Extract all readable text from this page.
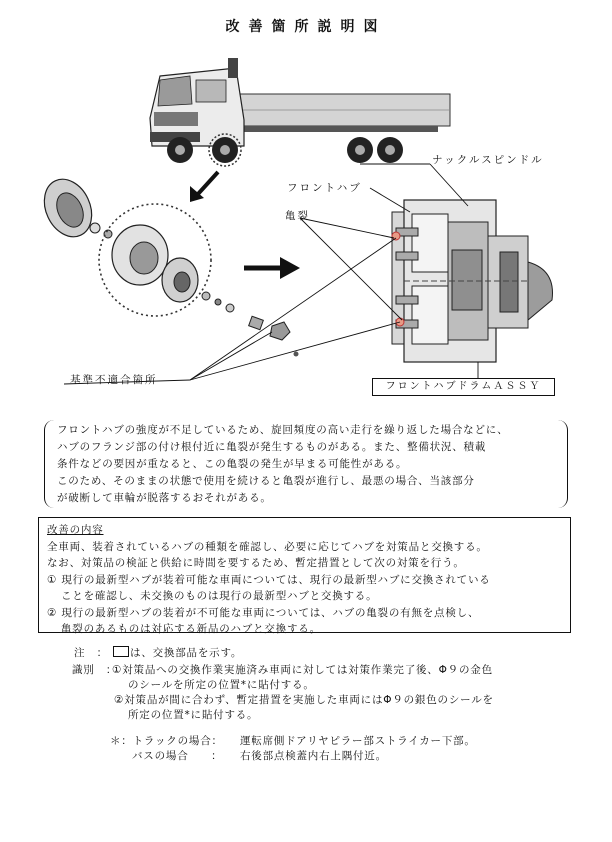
改善箇所説明図
ナックルスピンドル
フロントハブ
亀裂
基準不適合箇所
フロントハブドラムＡＳＳＹ

フロントハブの強度が不足しているため、旋回頻度の高い走行を繰り返した場合などに、

ハブのフランジ部の付け根付近に亀裂が発生するものがある。また、整備状況、積載

条件などの要因が重なると、この亀裂の発生が早まる可能性がある。

このため、そのままの状態で使用を続けると亀裂が進行し、最悪の場合、当該部分

が破断して車輪が脱落するおそれがある。

改善の内容

全車両、装着されているハブの種類を確認し、必要に応じてハブを対策品と交換する。

なお、対策品の検証と供給に時間を要するため、暫定措置として次の対策を行う。

① 現行の最新型ハブが装着可能な車両については、現行の最新型ハブに交換されている

ことを確認し、未交換のものは現行の最新型ハブと交換する。

② 現行の最新型ハブの装着が不可能な車両については、ハブの亀裂の有無を点検し、

亀裂のあるものは対応する新品のハブと交換する。

注　： は、交換部品を示す。
識別　：
①対策品への交換作業実施済み車両に対しては対策作業完了後、Φ９の金色
のシールを所定の位置*に貼付する。
②対策品が間に合わず、暫定措置を実施した車両にはΦ９の銀色のシールを
所定の位置*に貼付する。
＊：トラックの場合： 運転席側ドアリヤピラー部ストライカー下部。
バスの場合　　： 右後部点検蓋内右上隅付近。
